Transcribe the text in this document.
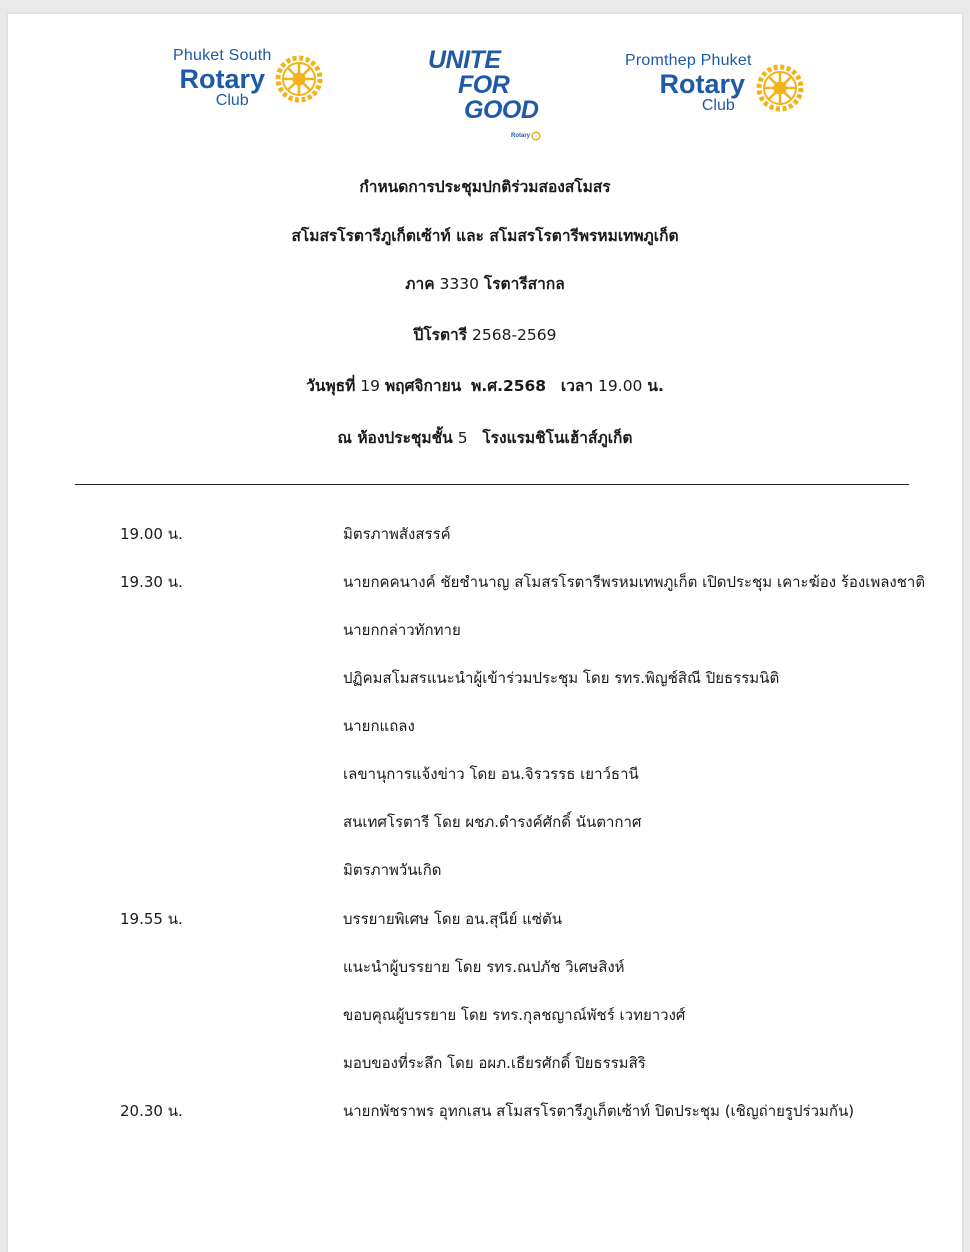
Phuket South
Rotary
Club
UNITE
FOR
GOOD
Rotary
Promthep Phuket
Rotary
Club
กำหนดการประชุมปกติร่วมสองสโมสร
สโมสรโรตารีภูเก็ตเซ้าท์ และ สโมสรโรตารีพรหมเทพภูเก็ต
ภาค 3330 โรตารีสากล
ปีโรตารี 2568-2569
วันพุธที่ 19 พฤศจิกายน พ.ศ.2568 เวลา 19.00 น.
ณ ห้องประชุมชั้น 5 โรงแรมชิโนเฮ้าส์ภูเก็ต
19.00 น.	มิตรภาพสังสรรค์
19.30 น.	นายกคคนางค์ ชัยชำนาญ สโมสรโรตารีพรหมเทพภูเก็ต เปิดประชุม เคาะฆ้อง ร้องเพลงชาติ
นายกกล่าวทักทาย
ปฏิคมสโมสรแนะนำผู้เข้าร่วมประชุม โดย รทร.พิญช์สิณี ปิยธรรมนิติ
นายกแถลง
เลขานุการแจ้งข่าว โดย อน.จิรวรรธ เยาว์ธานี
สนเทศโรตารี โดย ผชภ.ดำรงค์ศักดิ์ นันตากาศ
มิตรภาพวันเกิด
19.55 น.	บรรยายพิเศษ โดย อน.สุนีย์ แซ่ตัน
แนะนำผู้บรรยาย โดย รทร.ณปภัช วิเศษสิงห์
ขอบคุณผู้บรรยาย โดย รทร.กุลชญาณ์พัชร์ เวทยาวงศ์
มอบของที่ระลึก โดย อผภ.เธียรศักดิ์ ปิยธรรมสิริ
20.30 น.	นายกพัชราพร อุทกเสน สโมสรโรตารีภูเก็ตเซ้าท์ ปิดประชุม (เชิญถ่ายรูปร่วมกัน)
